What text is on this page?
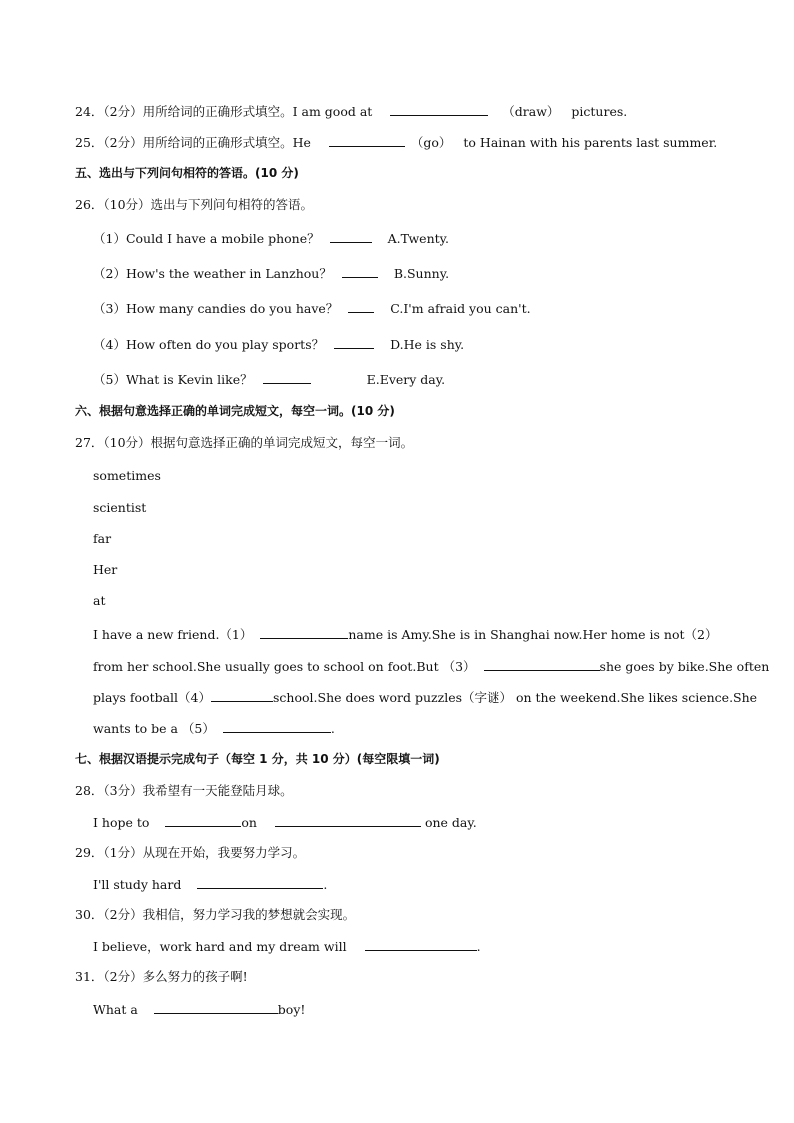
24．（2分）用所给词的正确形式填空。I am good at	（draw） pictures.
25．（2分）用所给词的正确形式填空。He	（go） to Hainan with his parents last summer.
五、选出与下列问句相符的答语。(10 分)
26．（10分）选出与下列问句相符的答语。
（1）Could I have a mobile phone？	A.Twenty.
（2）How's the weather in Lanzhou？	B.Sunny.
（3）How many candies do you have？	C.I'm afraid you can't.
（4）How often do you play sports？	D.He is shy.
（5）What is Kevin like？	E.Every day.
六、根据句意选择正确的单词完成短文，每空一词。(10 分)
27．（10分）根据句意选择正确的单词完成短文，每空一词。
sometimes
scientist
far
Her
at
I have a new friend.（1）	name is Amy.She is in Shanghai now.Her home is not（2）
from her school.She usually goes to school on foot.But （3）	she goes by bike.She often
plays football（4）	school.She does word puzzles（字谜） on the weekend.She likes science.She
wants to be a （5）	.
七、根据汉语提示完成句子（每空 1 分，共 10 分）(每空限填一词)
28．（3分）我希望有一天能登陆月球。
I hope to	on	one day.
29．（1分）从现在开始，我要努力学习。
I'll study hard	.
30．（2分）我相信，努力学习我的梦想就会实现。
I believe，work hard and my dream will	.
31．（2分）多么努力的孩子啊!
What a	boy!
